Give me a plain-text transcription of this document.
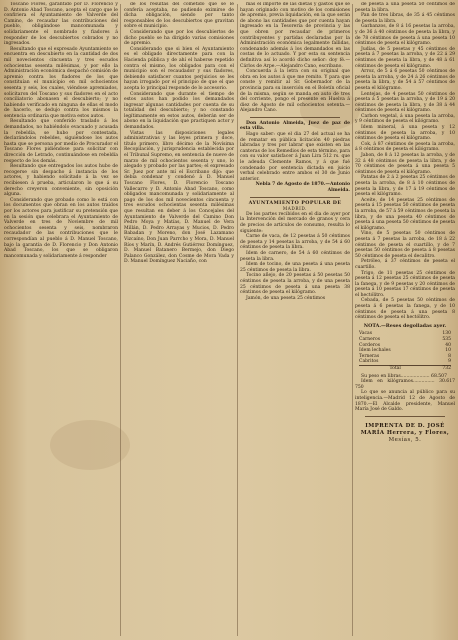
Toscano Flores, garantido por D. Florencio y D. Antonio Abad Toscano, acepta el cargo que le confiriera el Ayuntamiento de Valverde del Camino, de recaudar las contribuciones del pueblo, obligándose mancomunada y solidariamente el nombrado y fiadores á responder de los descubiertos cobrados y no ingresados.

Resultando que el expresado Ayuntamiento se encuentra en descubierto en la cantidad de dos mil novecientos cincuenta y tres escudos ochocientas sesenta milésimas, y por ello la Administración económica despachó comisión de apremio contra los fiadores de los que constituían el municipio en mil ochocientos sesenta y seis, los cuales, viéndose apremiados, solicitaron del Toscano y sus fiadores en el acto conciliatorio abonasen el descubierto; y no habiendo verificado en ninguna de ellas el modo de hacerlo, se dedujo contra los mismos la sentencia ordinaria que motiva estos autos.

Resultando que conferido traslado á los demandados, no habiéndolo evacuado y acusada la rebeldía, se hubo por contestada, declarándolos rebeldes, siguiéndose los autos hasta que se persona por medio de Procurador el Toscano Flores pidiéndose para solicitar con dirección de Letrado, continuándose en rebeldía respecto de los demás.

Resultando que entregados los autos hubo de recogerse sin despacho á instancia de los actores, y habiendo solicitado á la vez se recibiesen á prueba, articularon lo que á su derecho creyeron conveniente, sin oposición alguna.

Considerando que probado como lo está con los documentos que obran en los autos traídos por los actores para justificar su pretensión que en la sesión que celebrara el Ayuntamiento de Valverde en tres de Noviembre de mil ochocientos sesenta y seis, nombraron recaudador de las contribuciones que le correspondían al pueblo á D. Manuel Toscano, bajo la garantía de D. Florencio y Don Antonio Abad Toscano, los que se obligaron mancomunada y solidariamente á responder

de los resultas del cometido que se le confería aceptaba, no pudiendo eximirse de dicha obligación, siendo por tanto responsables de los descubiertos que gravitan sobre el municipio.

Considerando que por los descubiertos de dicho pueblo se ha dirigido varias comisiones de apremio.

Considerando que si bien el Ayuntamiento es el obligado directamente para con la Hacienda pública y de ahí el haberse repetido contra el mismo, los obligados para con el municipio son el recaudador y sus fiadores, debiendo satisfacer cuantos perjuicios se les hayan irrogado por el principio de que el que acepta lo principal responde de lo accesorio.

Considerando que durante el tiempo de estos autos han podido los demandados ingresar algunas cantidades por cuenta de su totalidad del descubierto; y no constando legítimamente en estos autos, deberán ser de abono en la liquidación que practiquen actor y demandados.

Vistas las disposiciones legales administrativas y las leyes primera y doce, título primero, libro décimo de la Novísima Recopilación, y jurisprudencia establecida por el Tribunal Supremo, en sentencia de nueve de marzo de mil ochocientos sesenta y uno, lo alegado y probado por las partes; el expresado Sr. Juez por ante mí el Escribano dijo: que debía condenar y condenó á D. Manuel Toscano Flores, D. Florencio Toscano Vallecarro y D. Antonio Abad Toscano, como obligados mancomunada y solidariamente al pago de los dos mil novecientos cincuenta y tres escudos ochocientas sesenta milésimas que resultan en deber á los Concejales del Ayuntamiento de Valverde del Camino Don Pedro Moya y Matías, D. Manuel de Vera Millán, D. Pedro Arrayas y Mucios, D. Pedro Babadan y Moreno, don José Lazamano Vizcaíno, Don Juan Parrcho y Mora, D. Manuel Ríos y Marín, D. Andrés Gutiérrez Domínguez, D. Manuel Batanero Bermejo, don Diego Palanco González, don Cosme de Mora Vada y D. Manuel Domínguez Naciaño, con

más el importe de las dietas y gastos que se hayan originado con motivo de los comisiones de apremio, previa liquidación, en la que serán de abono las cantidades que por cuenta hayan ingresado en la Tesorería de provincia y las que obren por recaudar de primeros contribuyentes y partidas declaradas por la Administración económica legalmente fallidas, condenando además á los demandados en las costas de lo actuado. Y por esta su sentencia definitiva así lo acordó dicho señor: doy fé.—Cárlos de Arpe.—Alejandro Cano, escribano.

Concuerda á la letra con su original que obra en los autos á que me remito. Y para que conste y remitir al Sr. Gobernador de la provincia para su inserción en el Boletín oficial de la misma, según se manda en auto de tres del corriente, pongo el presente en Huelva á diez de Agosto de mil ochocientos setenta.—Alejandro Cano.

Don Antonio Almeida, Juez de paz de esta villa.

Hago saber: que el dia 27 del actual se ha de rematar en pública licitación 40 piedras labradas y tres por labrar que existen en las canteras de los Remedios de esta término, para con su valor satisfacer á Juan Lira 512 rs. que le adeuda Clemente Ramos, y á que fué condenado por sentencia dictada en juicio verbal celebrado entre ambos el 30 de Junio anterior.

Nebla 7 de Agosto de 1870.—Antonio Almeida.

AYUNTAMIENTO POPULAR DE
MADRID.

De los partes recibidos en el dia de ayer por la Intervención del mercado de granos y cera de precios de artículos de consumo, resulta lo siguiente:

Carne de vaca, de 12 pesetas á 50 céntimos de peseta y 14 pesetas la arroba, y de 54 á 60 céntimos de peseta la libra.

Idem de carnero, de 54 á 60 céntimos de peseta la libra.

Idem de tocino, de una peseta á una peseta 25 céntimos de peseta la libra.

Tocino añejo, de 20 pesetas á 50 pesetas 50 céntimos de peseta la arroba, y de una peseta 25 céntimos de peseta á una peseta 38 céntimos de peseta el kilógramo.

Jamón, de una peseta 25 céntimos

de peseta á una peseta 50 céntimos de peseta la libra.

Pan de tres libras, de 35 á 45 céntimos de peseta la libra.

Garbanzos, de 8 á 16 pesetas la arroba, y de 36 á 40 céntimos de peseta la libra, y de 78 céntimos de peseta á una peseta 10 céntimos de peseta el kilógramo.

Judías, de 5 pesetas y 45 céntimos de peseta á 7 pesetas la arroba, y de 22 á 29 céntimos de peseta la libra, y de 48 á 61 céntimos de peseta el kilógramo.

Arroz, de 5 á 6 pesetas 50 céntimos de peseta la arroba, y de 24 á 26 céntimos de peseta la libra, y de 54 á 57 céntimos de peseta el kilógramo.

Lentejas, de 4 pesetas 50 céntimos de peseta á 5 pesetas la arroba, y de 19 á 20 céntimos de peseta la libra, y de 38 á 44 céntimos de peseta el kilógramo.

Carbon vegetal, á una peseta la arroba, y 9 céntimos de peseta el kilógramo.

Idem mineral, á una peseta y 12 céntimos de peseta la arroba, y 10 céntimos de peseta el kilógramo.

Cok, á 87 céntimos de peseta la arroba, á 8 céntimos de peseta el kilógramo.

Jabon, de 8 á 12 pesetas la arroba, y de 32 á 48 céntimos de peseta la libra, y de 70 céntimos de peseta á una peseta 5 céntimos de peseta el kilógramo.

Patatas de 2 á 2 pesetas 25 céntimos de peseta la arroba, de 8 á 10 céntimos de peseta la libra, y de 17 á 19 céntimos de peseta el kilógramo.

Aceite, de 14 pesetas 25 céntimos de peseta á 15 pesetas 50 céntimos de peseta la arroba, de 57 á 59 céntimos de peseta la libra, y de una peseta 40 céntimos de peseta á una peseta 50 céntimos de peseta el kilógramo.

Vino, de 5 pesetas 50 céntimos de peseta á 7 pesetas la arroba, de 18 á 22 céntimos de peseta el cuartillo, y de 7 pesetas 50 céntimos de peseta á 8 pesetas 50 céntimos de peseta el decalitro.

Petróleo, á 37 céntimos de peseta el cuartillo.

Trigo, de 11 pesetas 25 céntimos de peseta á 12 pesetas 25 céntimos de peseta la fanega, y de 9 pesetas y 20 céntimos de peseta á 10 pesetas 17 céntimos de peseta el hectólitro.

Cebada, de 5 pesetas 50 céntimos de peseta á 6 pesetas la fanega, y de 10 céntimos de peseta á una peseta 8 céntimos de peseta el hectólitro.

NOTA.—Reses degolladas ayer.
Vacas	130
Carneros	535
Corderos	40
Idem lechales	10
Terneras	8
Cabritos	9
Total	732

Su peso en libras.................... 68.507

Idem en kilógramos............... 30.617 750

Lo que se anuncia al público para su inteligencia.—Madrid 12 de Agosto de 1870.—El Alcalde presidente, Manuel María José de Galdo.

IMPRENTA DE D. JOSÉ MARÍA Herrera, y Flores,
Mesías, 5.
